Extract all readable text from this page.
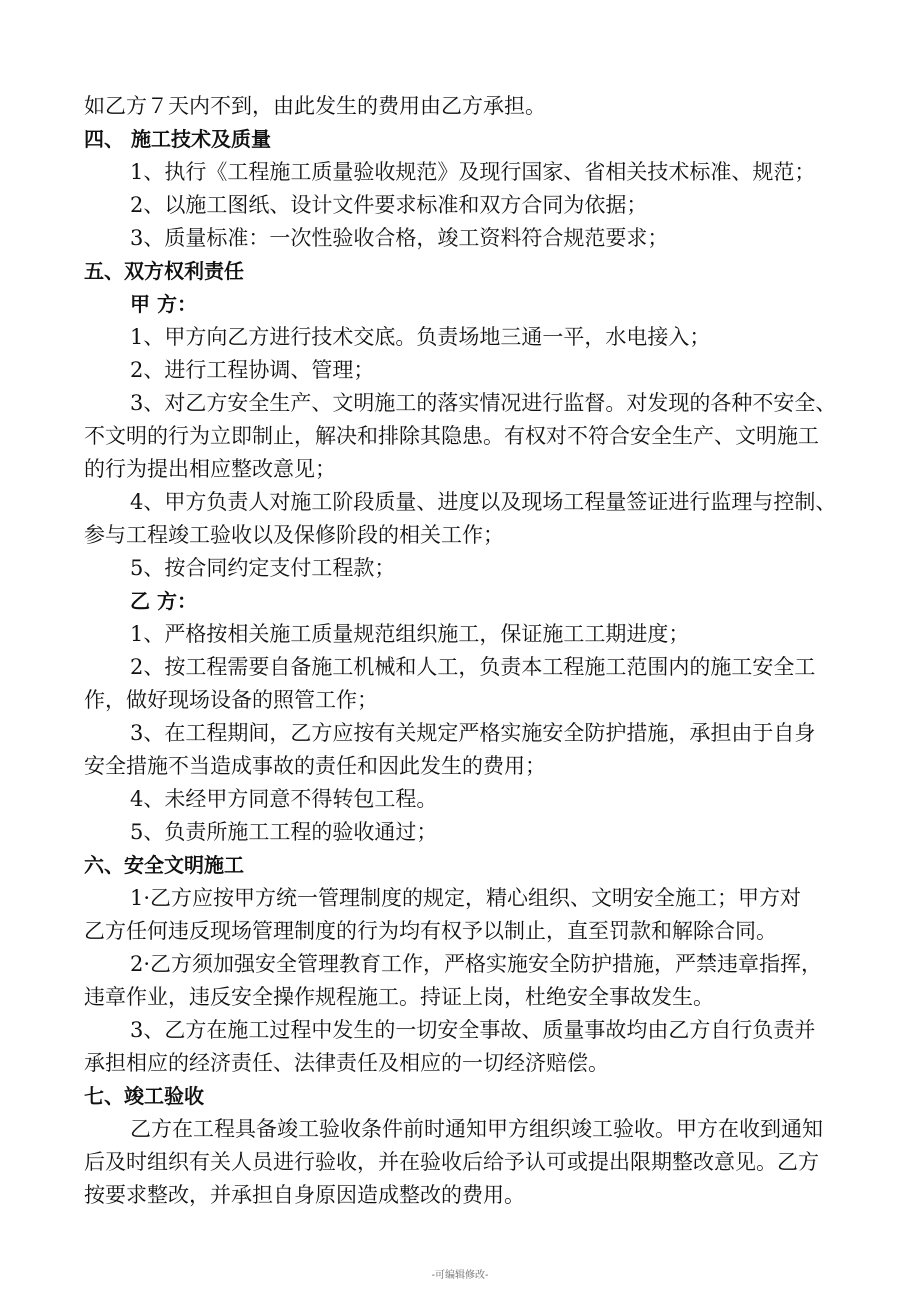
如乙方７天内不到，由此发生的费用由乙方承担。
四、 施工技术及质量
1、执行《工程施工质量验收规范》及现行国家、省相关技术标准、规范；
2、以施工图纸、设计文件要求标准和双方合同为依据；
3、质量标准：一次性验收合格，竣工资料符合规范要求；
五、双方权利责任
甲 方：
1、甲方向乙方进行技术交底。负责场地三通一平，水电接入；
2、进行工程协调、管理；
3、对乙方安全生产、文明施工的落实情况进行监督。对发现的各种不安全、
不文明的行为立即制止，解决和排除其隐患。有权对不符合安全生产、文明施工
的行为提出相应整改意见；
4、甲方负责人对施工阶段质量、进度以及现场工程量签证进行监理与控制、
参与工程竣工验收以及保修阶段的相关工作；
5、按合同约定支付工程款；
乙 方：
1、严格按相关施工质量规范组织施工，保证施工工期进度；
2、按工程需要自备施工机械和人工，负责本工程施工范围内的施工安全工
作，做好现场设备的照管工作；
3、在工程期间，乙方应按有关规定严格实施安全防护措施，承担由于自身
安全措施不当造成事故的责任和因此发生的费用；
4、未经甲方同意不得转包工程。
5、负责所施工工程的验收通过；
六、安全文明施工
1·乙方应按甲方统一管理制度的规定，精心组织、文明安全施工；甲方对
乙方任何违反现场管理制度的行为均有权予以制止，直至罚款和解除合同。
2·乙方须加强安全管理教育工作，严格实施安全防护措施，严禁违章指挥，
违章作业，违反安全操作规程施工。持证上岗，杜绝安全事故发生。
3、乙方在施工过程中发生的一切安全事故、质量事故均由乙方自行负责并
承担相应的经济责任、法律责任及相应的一切经济赔偿。
七、竣工验收
乙方在工程具备竣工验收条件前时通知甲方组织竣工验收。甲方在收到通知
后及时组织有关人员进行验收，并在验收后给予认可或提出限期整改意见。乙方
按要求整改，并承担自身原因造成整改的费用。
-可编辑修改-
